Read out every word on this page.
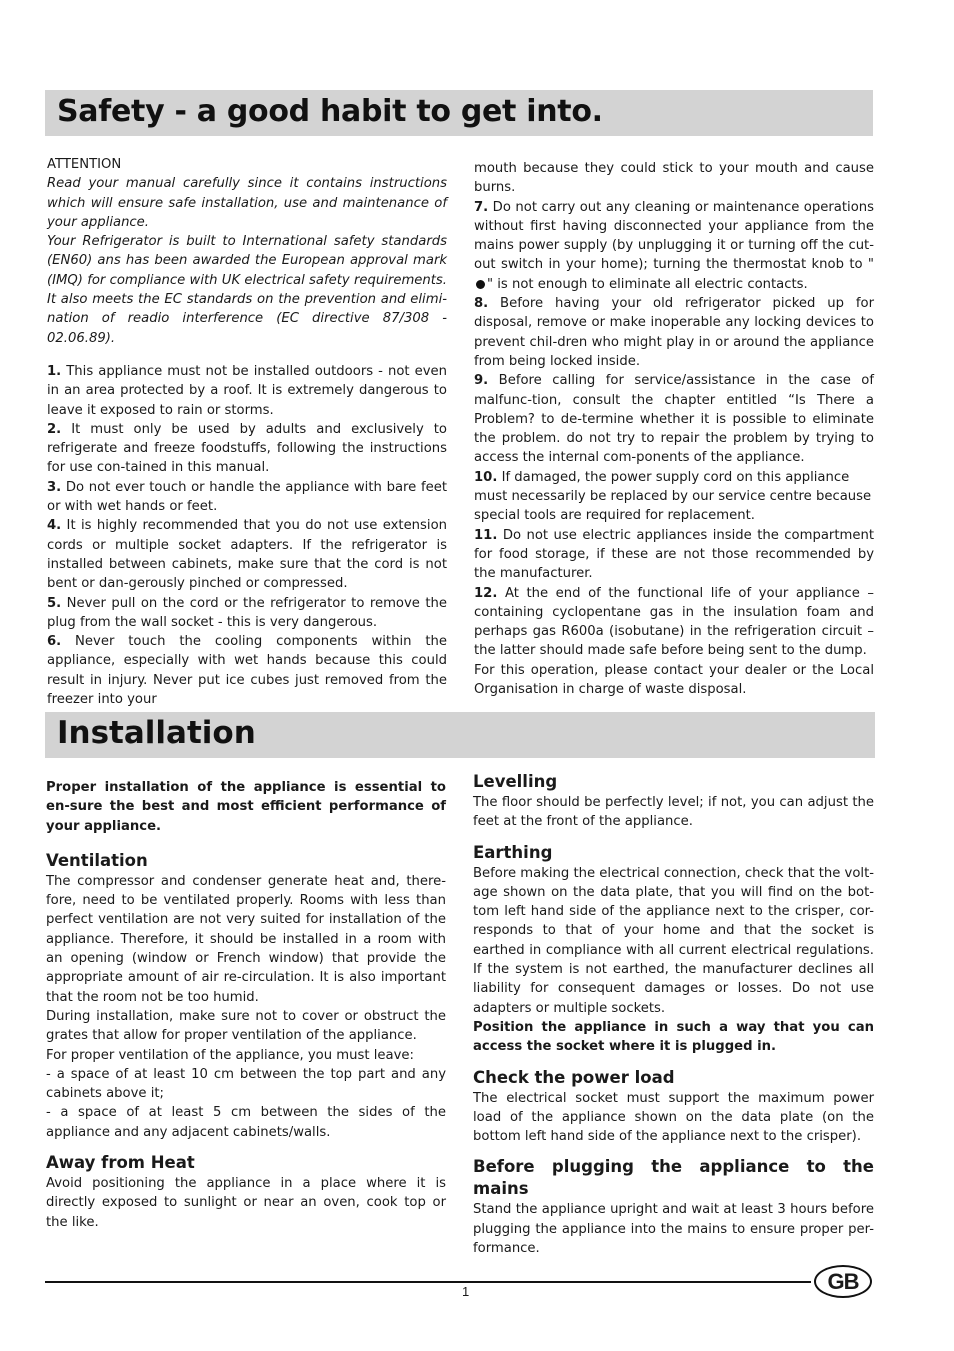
Safety - a good habit to get into.

ATTENTION

Read your manual carefully since it contains instructions which will ensure safe installation, use and maintenance of your appliance.

Your Refrigerator is built to International safety standards (EN60) ans has been awarded the European approval mark (IMQ) for compliance with UK electrical safety requirements. It also meets the EC standards on the prevention and elimi-nation of readio interference (EC directive 87/308 - 02.06.89).

1. This appliance must not be installed outdoors - not even in an area protected by a roof. It is extremely dangerous to leave it exposed to rain or storms.

2. It must only be used by adults and exclusively to refrigerate and freeze foodstuffs, following the instructions for use con-tained in this manual.

3. Do not ever touch or handle the appliance with bare feet or with wet hands or feet.

4. It is highly recommended that you do not use extension cords or multiple socket adapters. If the refrigerator is installed between cabinets, make sure that the cord is not bent or dan-gerously pinched or compressed.

5. Never pull on the cord or the refrigerator to remove the plug from the wall socket - this is very dangerous.

6. Never touch the cooling components within the appliance, especially with wet hands because this could result in injury. Never put ice cubes just removed from the freezer into your

mouth because they could stick to your mouth and cause burns.

7. Do not carry out any cleaning or maintenance operations without first having disconnected your appliance from the mains power supply (by unplugging it or turning off the cut-out switch in your home); turning the thermostat knob to "" is not enough to eliminate all electric contacts.

8. Before having your old refrigerator picked up for disposal, remove or make inoperable any locking devices to prevent chil-dren who might play in or around the appliance from being locked inside.

9. Before calling for service/assistance in the case of malfunc-tion, consult the chapter entitled “Is There a Problem? to de-termine whether it is possible to eliminate the problem. do not try to repair the problem by trying to access the internal com-ponents of the appliance.

10. If damaged, the power supply cord on this appliance must necessarily be replaced by our service centre because special tools are required for replacement.

11. Do not use electric appliances inside the compartment for food storage, if these are not those recommended by the manufacturer.

12. At the end of the functional life of your appliance – containing cyclopentane gas in the insulation foam and perhaps gas R600a (isobutane) in the refrigeration circuit – the latter should made safe before being sent to the dump.

For this operation, please contact your dealer or the Local Organisation in charge of waste disposal.

Installation

Proper installation of the appliance is essential to en-sure the best and most efficient performance of your appliance.

Ventilation

The compressor and condenser generate heat and, there-fore, need to be ventilated properly. Rooms with less than perfect ventilation are not very suited for installation of the appliance. Therefore, it should be installed in a room with an opening (window or French window) that provide the appropriate amount of air re-circulation. It is also important that the room not be too humid.

During installation, make sure not to cover or obstruct the grates that allow for proper ventilation of the appliance.

For proper ventilation of the appliance, you must leave:

- a space of at least 10 cm between the top part and any cabinets above it;

- a space of at least 5 cm between the sides of the appliance and any adjacent cabinets/walls.

Away from Heat

Avoid positioning the appliance in a place where it is directly exposed to sunlight or near an oven, cook top or the like.

Levelling

The floor should be perfectly level; if not, you can adjust the feet at the front of the appliance.

Earthing

Before making the electrical connection, check that the volt-age shown on the data plate, that you will find on the bot-tom left hand side of the appliance next to the crisper, cor-responds to that of your home and that the socket is earthed in compliance with all current electrical regulations. If the system is not earthed, the manufacturer declines all liability for consequent damages or losses. Do not use adapters or multiple sockets.

Position the appliance in such a way that you can access the socket where it is plugged in.

Check the power load

The electrical socket must support the maximum power load of the appliance shown on the data plate (on the bottom left hand side of the appliance next to the crisper).

Before plugging the appliance to the mains

Stand the appliance upright and wait at least 3 hours before plugging the appliance into the mains to ensure proper per-formance.

1	GB
